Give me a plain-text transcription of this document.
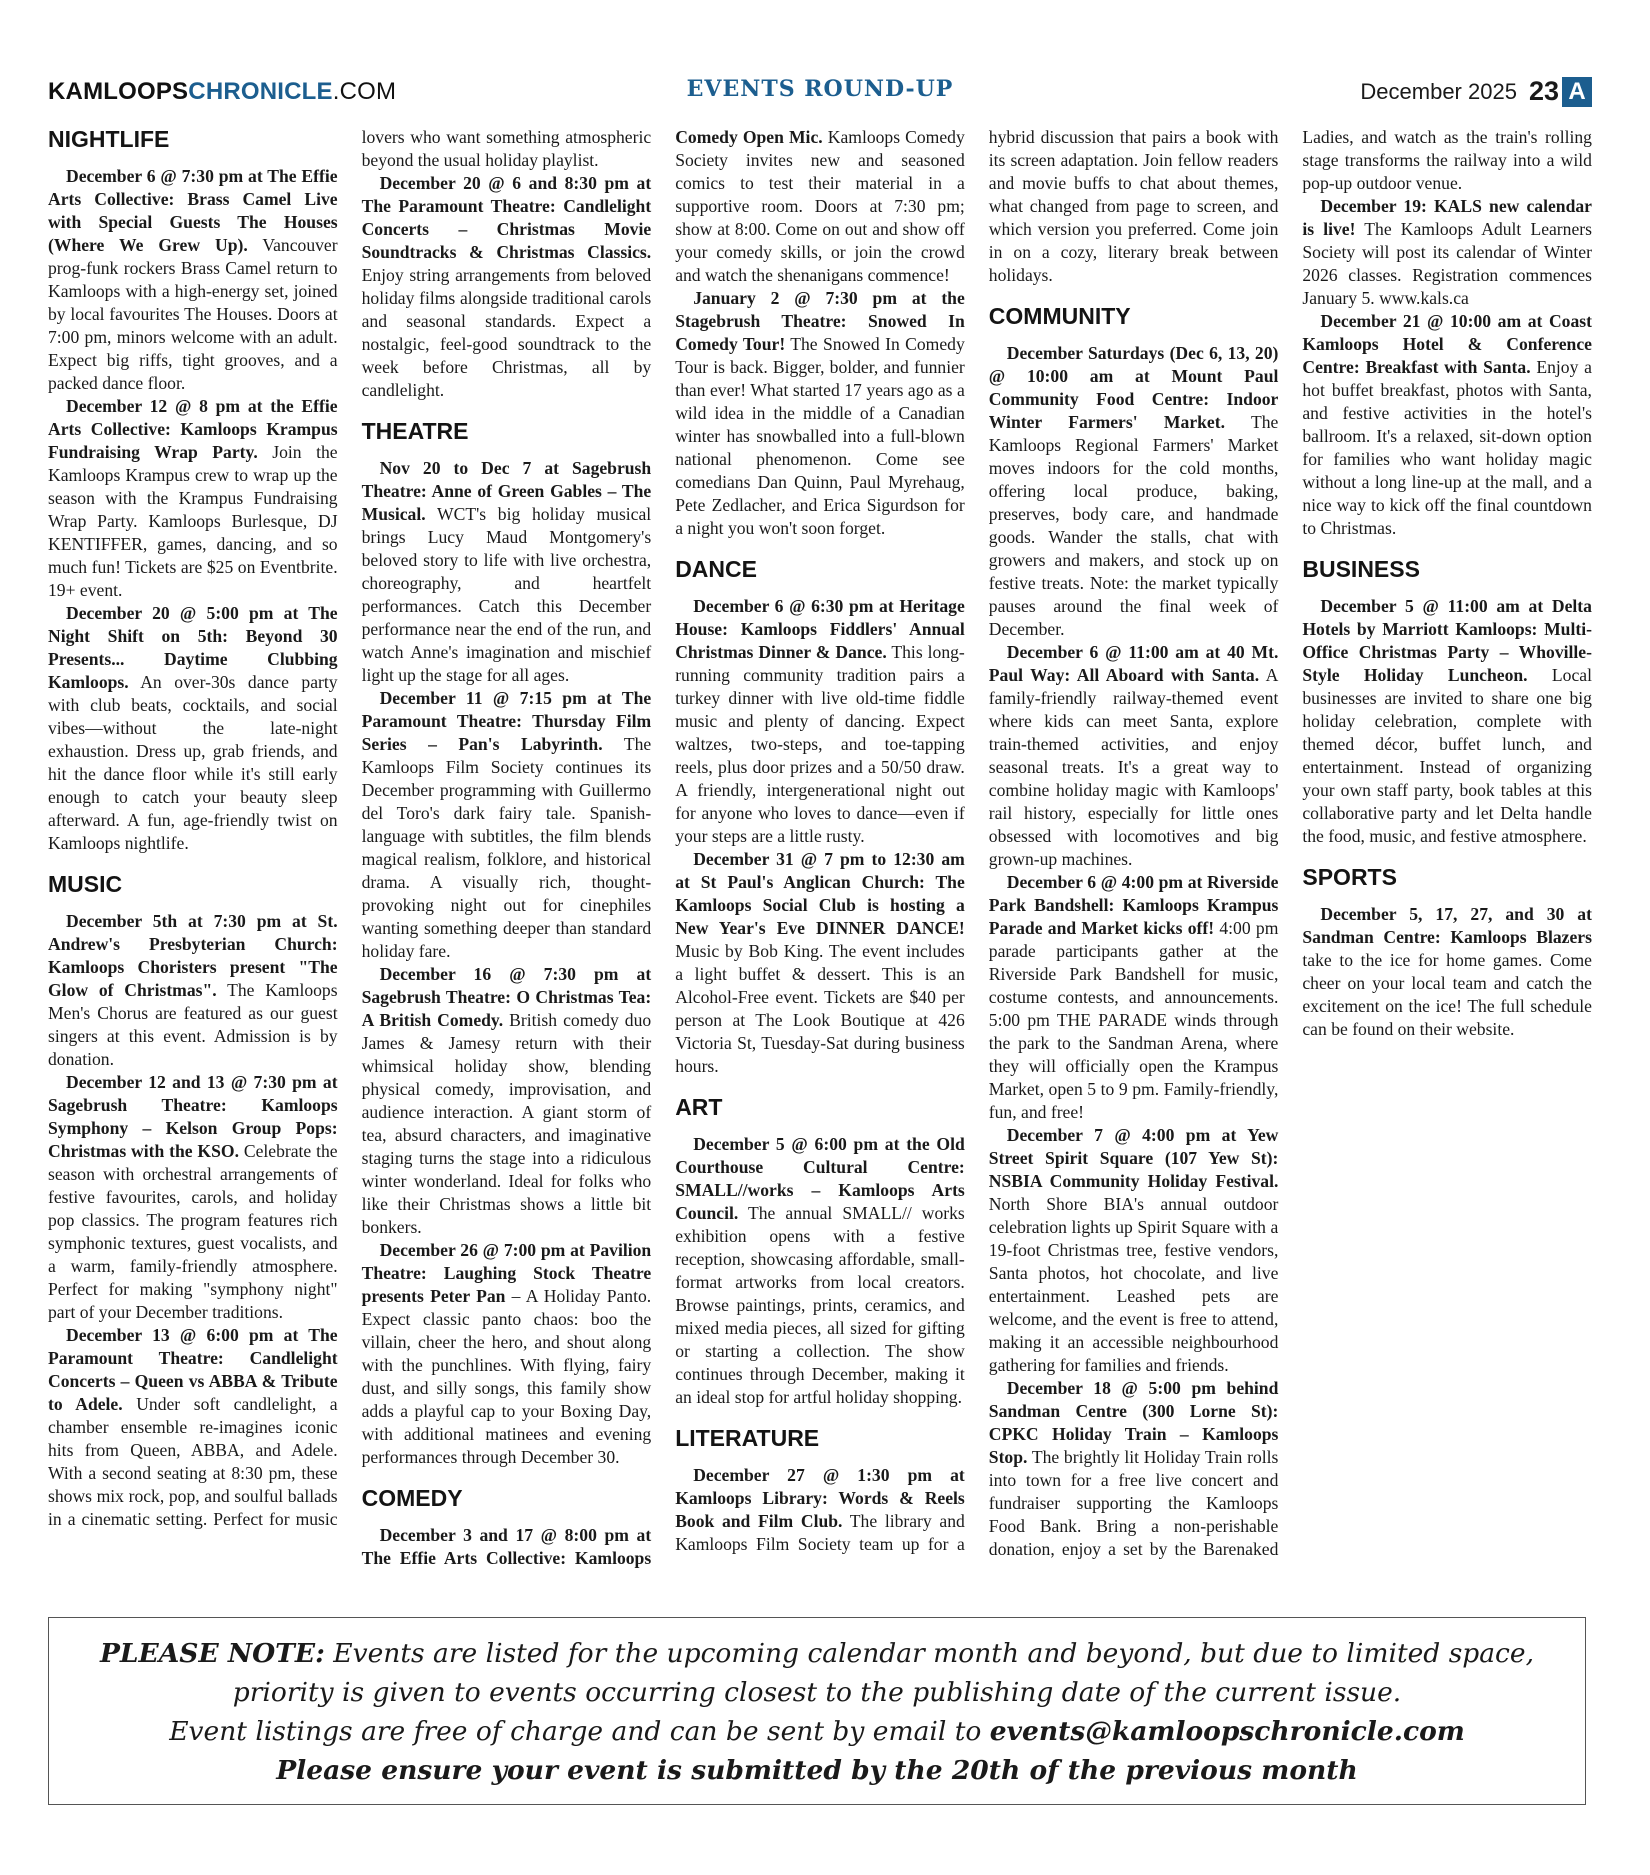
KAMLOOPSCHRONICLE.COM	EVENTS ROUND-UP	December 2025 23 A
NIGHTLIFE

December 6 @ 7:30 pm at The Effie Arts Collective: Brass Camel Live with Special Guests The Houses (Where We Grew Up). Vancouver prog-funk rockers Brass Camel return to Kamloops with a high-energy set, joined by local favourites The Houses. Doors at 7:00 pm, minors welcome with an adult. Expect big riffs, tight grooves, and a packed dance floor.

December 12 @ 8 pm at the Effie Arts Collective: Kamloops Krampus Fundraising Wrap Party. Join the Kamloops Krampus crew to wrap up the season with the Krampus Fundraising Wrap Party. Kamloops Burlesque, DJ KENTIFFER, games, dancing, and so much fun! Tickets are $25 on Eventbrite. 19+ event.

December 20 @ 5:00 pm at The Night Shift on 5th: Beyond 30 Presents... Daytime Clubbing Kamloops. An over-30s dance party with club beats, cocktails, and social vibes—without the late-night exhaustion. Dress up, grab friends, and hit the dance floor while it's still early enough to catch your beauty sleep afterward. A fun, age-friendly twist on Kamloops nightlife.

MUSIC

December 5th at 7:30 pm at St. Andrew's Presbyterian Church: Kamloops Choristers present "The Glow of Christmas". The Kamloops Men's Chorus are featured as our guest singers at this event. Admission is by donation.

December 12 and 13 @ 7:30 pm at Sagebrush Theatre: Kamloops Symphony – Kelson Group Pops: Christmas with the KSO. Celebrate the season with orchestral arrangements of festive favourites, carols, and holiday pop classics. The program features rich symphonic textures, guest vocalists, and a warm, family-friendly atmosphere. Perfect for making "symphony night" part of your December traditions.

December 13 @ 6:00 pm at The Paramount Theatre: Candlelight Concerts – Queen vs ABBA & Tribute to Adele. Under soft candlelight, a chamber ensemble re-imagines iconic hits from Queen, ABBA, and Adele. With a second seating at 8:30 pm, these shows mix rock, pop, and soulful ballads in a cinematic setting. Perfect for music lovers who want something atmospheric beyond the usual holiday playlist.

December 20 @ 6 and 8:30 pm at The Paramount Theatre: Candlelight Concerts – Christmas Movie Soundtracks & Christmas Classics. Enjoy string arrangements from beloved holiday films alongside traditional carols and seasonal standards. Expect a nostalgic, feel-good soundtrack to the week before Christmas, all by candlelight.

THEATRE

Nov 20 to Dec 7 at Sagebrush Theatre: Anne of Green Gables – The Musical. WCT's big holiday musical brings Lucy Maud Montgomery's beloved story to life with live orchestra, choreography, and heartfelt performances. Catch this December performance near the end of the run, and watch Anne's imagination and mischief light up the stage for all ages.

December 11 @ 7:15 pm at The Paramount Theatre: Thursday Film Series – Pan's Labyrinth. The Kamloops Film Society continues its December programming with Guillermo del Toro's dark fairy tale. Spanish-language with subtitles, the film blends magical realism, folklore, and historical drama. A visually rich, thought-provoking night out for cinephiles wanting something deeper than standard holiday fare.

December 16 @ 7:30 pm at Sagebrush Theatre: O Christmas Tea: A British Comedy. British comedy duo James & Jamesy return with their whimsical holiday show, blending physical comedy, improvisation, and audience interaction. A giant storm of tea, absurd characters, and imaginative staging turns the stage into a ridiculous winter wonderland. Ideal for folks who like their Christmas shows a little bit bonkers.

December 26 @ 7:00 pm at Pavilion Theatre: Laughing Stock Theatre presents Peter Pan – A Holiday Panto. Expect classic panto chaos: boo the villain, cheer the hero, and shout along with the punchlines. With flying, fairy dust, and silly songs, this family show adds a playful cap to your Boxing Day, with additional matinees and evening performances through December 30.

COMEDY

December 3 and 17 @ 8:00 pm at The Effie Arts Collective: Kamloops Comedy Open Mic. Kamloops Comedy Society invites new and seasoned comics to test their material in a supportive room. Doors at 7:30 pm; show at 8:00. Come on out and show off your comedy skills, or join the crowd and watch the shenanigans commence!

January 2 @ 7:30 pm at the Stagebrush Theatre: Snowed In Comedy Tour! The Snowed In Comedy Tour is back. Bigger, bolder, and funnier than ever! What started 17 years ago as a wild idea in the middle of a Canadian winter has snowballed into a full-blown national phenomenon. Come see comedians Dan Quinn, Paul Myrehaug, Pete Zedlacher, and Erica Sigurdson for a night you won't soon forget.

DANCE

December 6 @ 6:30 pm at Heritage House: Kamloops Fiddlers' Annual Christmas Dinner & Dance. This long-running community tradition pairs a turkey dinner with live old-time fiddle music and plenty of dancing. Expect waltzes, two-steps, and toe-tapping reels, plus door prizes and a 50/50 draw. A friendly, intergenerational night out for anyone who loves to dance—even if your steps are a little rusty.

December 31 @ 7 pm to 12:30 am at St Paul's Anglican Church: The Kamloops Social Club is hosting a New Year's Eve DINNER DANCE! Music by Bob King. The event includes a light buffet & dessert. This is an Alcohol-Free event. Tickets are $40 per person at The Look Boutique at 426 Victoria St, Tuesday-Sat during business hours.

ART

December 5 @ 6:00 pm at the Old Courthouse Cultural Centre: SMALL//works – Kamloops Arts Council. The annual SMALL// works exhibition opens with a festive reception, showcasing affordable, small-format artworks from local creators. Browse paintings, prints, ceramics, and mixed media pieces, all sized for gifting or starting a collection. The show continues through December, making it an ideal stop for artful holiday shopping.

LITERATURE

December 27 @ 1:30 pm at Kamloops Library: Words & Reels Book and Film Club. The library and Kamloops Film Society team up for a hybrid discussion that pairs a book with its screen adaptation. Join fellow readers and movie buffs to chat about themes, what changed from page to screen, and which version you preferred. Come join in on a cozy, literary break between holidays.

COMMUNITY

December Saturdays (Dec 6, 13, 20) @ 10:00 am at Mount Paul Community Food Centre: Indoor Winter Farmers' Market. The Kamloops Regional Farmers' Market moves indoors for the cold months, offering local produce, baking, preserves, body care, and handmade goods. Wander the stalls, chat with growers and makers, and stock up on festive treats. Note: the market typically pauses around the final week of December.

December 6 @ 11:00 am at 40 Mt. Paul Way: All Aboard with Santa. A family-friendly railway-themed event where kids can meet Santa, explore train-themed activities, and enjoy seasonal treats. It's a great way to combine holiday magic with Kamloops' rail history, especially for little ones obsessed with locomotives and big grown-up machines.

December 6 @ 4:00 pm at Riverside Park Bandshell: Kamloops Krampus Parade and Market kicks off! 4:00 pm parade participants gather at the Riverside Park Bandshell for music, costume contests, and announcements. 5:00 pm THE PARADE winds through the park to the Sandman Arena, where they will officially open the Krampus Market, open 5 to 9 pm. Family-friendly, fun, and free!

December 7 @ 4:00 pm at Yew Street Spirit Square (107 Yew St): NSBIA Community Holiday Festival. North Shore BIA's annual outdoor celebration lights up Spirit Square with a 19-foot Christmas tree, festive vendors, Santa photos, hot chocolate, and live entertainment. Leashed pets are welcome, and the event is free to attend, making it an accessible neighbourhood gathering for families and friends.

December 18 @ 5:00 pm behind Sandman Centre (300 Lorne St): CPKC Holiday Train – Kamloops Stop. The brightly lit Holiday Train rolls into town for a free live concert and fundraiser supporting the Kamloops Food Bank. Bring a non-perishable donation, enjoy a set by the Barenaked Ladies, and watch as the train's rolling stage transforms the railway into a wild pop-up outdoor venue.

December 19: KALS new calendar is live! The Kamloops Adult Learners Society will post its calendar of Winter 2026 classes. Registration commences January 5. www.kals.ca

December 21 @ 10:00 am at Coast Kamloops Hotel & Conference Centre: Breakfast with Santa. Enjoy a hot buffet breakfast, photos with Santa, and festive activities in the hotel's ballroom. It's a relaxed, sit-down option for families who want holiday magic without a long line-up at the mall, and a nice way to kick off the final countdown to Christmas.

BUSINESS

December 5 @ 11:00 am at Delta Hotels by Marriott Kamloops: Multi-Office Christmas Party – Whoville-Style Holiday Luncheon. Local businesses are invited to share one big holiday celebration, complete with themed décor, buffet lunch, and entertainment. Instead of organizing your own staff party, book tables at this collaborative party and let Delta handle the food, music, and festive atmosphere.

SPORTS

December 5, 17, 27, and 30 at Sandman Centre: Kamloops Blazers take to the ice for home games. Come cheer on your local team and catch the excitement on the ice! The full schedule can be found on their website.

PLEASE NOTE: Events are listed for the upcoming calendar month and beyond, but due to limited space,
priority is given to events occurring closest to the publishing date of the current issue.
Event listings are free of charge and can be sent by email to events@kamloopschronicle.com
Please ensure your event is submitted by the 20th of the previous month
